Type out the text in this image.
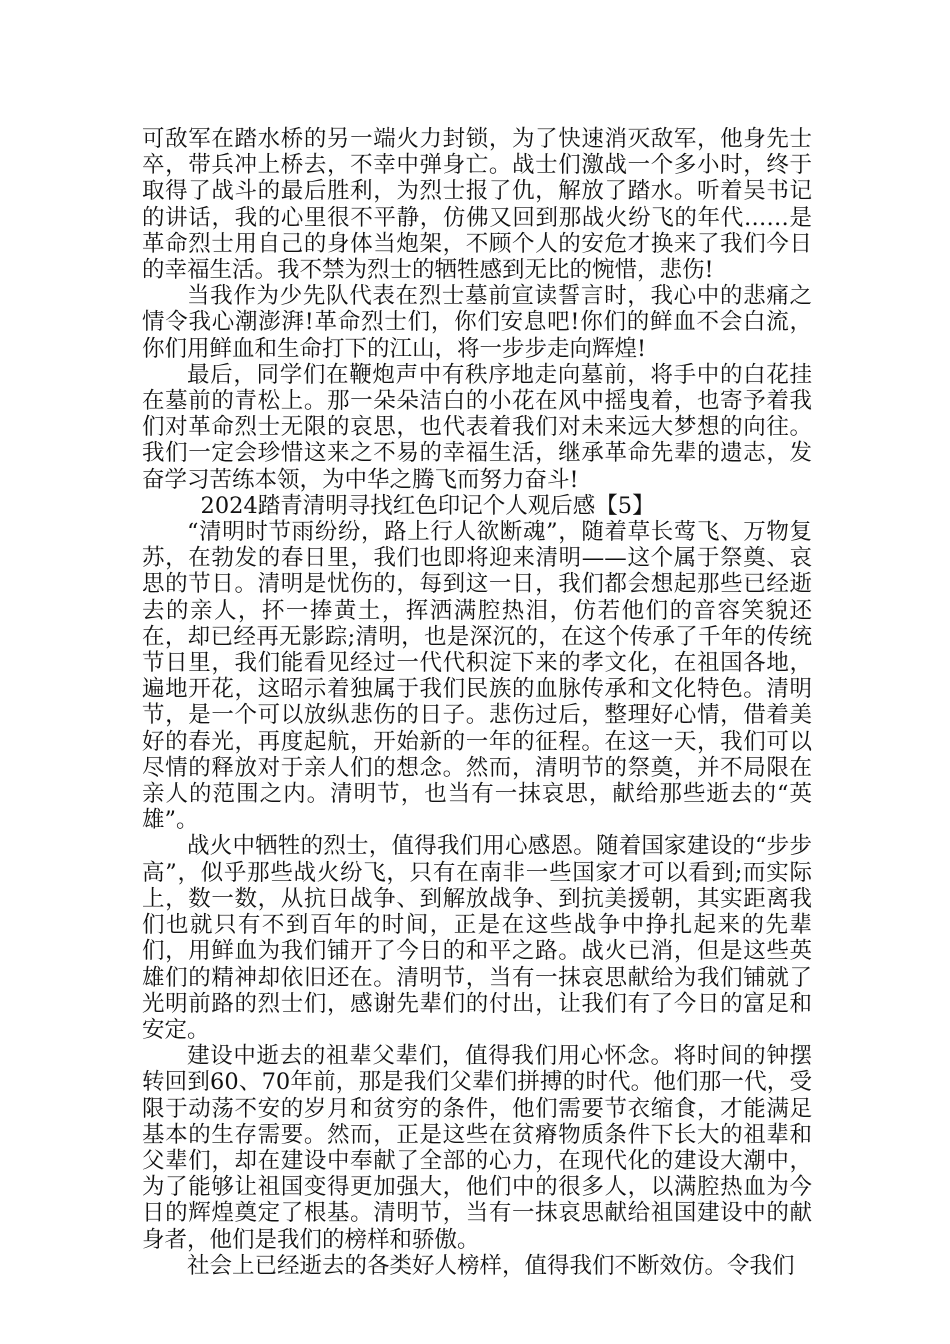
可敌军在踏水桥的另一端火力封锁，为了快速消灭敌军，他身先士卒，带兵冲上桥去，不幸中弹身亡。战士们激战一个多小时，终于取得了战斗的最后胜利，为烈士报了仇，解放了踏水。听着吴书记的讲话，我的心里很不平静，仿佛又回到那战火纷飞的年代……是革命烈士用自己的身体当炮架，不顾个人的安危才换来了我们今日的幸福生活。我不禁为烈士的牺牲感到无比的惋惜，悲伤!

当我作为少先队代表在烈士墓前宣读誓言时，我心中的悲痛之情令我心潮澎湃!革命烈士们，你们安息吧!你们的鲜血不会白流，你们用鲜血和生命打下的江山，将一步步走向辉煌!

最后，同学们在鞭炮声中有秩序地走向墓前，将手中的白花挂在墓前的青松上。那一朵朵洁白的小花在风中摇曳着，也寄予着我们对革命烈士无限的哀思，也代表着我们对未来远大梦想的向往。我们一定会珍惜这来之不易的幸福生活，继承革命先辈的遗志，发奋学习苦练本领，为中华之腾飞而努力奋斗!

2024踏青清明寻找红色印记个人观后感【5】

“清明时节雨纷纷，路上行人欲断魂”，随着草长莺飞、万物复苏，在勃发的春日里，我们也即将迎来清明——这个属于祭奠、哀思的节日。清明是忧伤的，每到这一日，我们都会想起那些已经逝去的亲人，抔一捧黄土，挥洒满腔热泪，仿若他们的音容笑貌还在，却已经再无影踪;清明，也是深沉的，在这个传承了千年的传统节日里，我们能看见经过一代代积淀下来的孝文化，在祖国各地，遍地开花，这昭示着独属于我们民族的血脉传承和文化特色。清明节，是一个可以放纵悲伤的日子。悲伤过后，整理好心情，借着美好的春光，再度起航，开始新的一年的征程。在这一天，我们可以尽情的释放对于亲人们的想念。然而，清明节的祭奠，并不局限在亲人的范围之内。清明节，也当有一抹哀思，献给那些逝去的“英雄”。

战火中牺牲的烈士，值得我们用心感恩。随着国家建设的“步步高”，似乎那些战火纷飞，只有在南非一些国家才可以看到;而实际上，数一数，从抗日战争、到解放战争、到抗美援朝，其实距离我们也就只有不到百年的时间，正是在这些战争中挣扎起来的先辈们，用鲜血为我们铺开了今日的和平之路。战火已消，但是这些英雄们的精神却依旧还在。清明节，当有一抹哀思献给为我们铺就了光明前路的烈士们，感谢先辈们的付出，让我们有了今日的富足和安定。

建设中逝去的祖辈父辈们，值得我们用心怀念。将时间的钟摆转回到60、70年前，那是我们父辈们拼搏的时代。他们那一代，受限于动荡不安的岁月和贫穷的条件，他们需要节衣缩食，才能满足基本的生存需要。然而，正是这些在贫瘠物质条件下长大的祖辈和父辈们，却在建设中奉献了全部的心力，在现代化的建设大潮中，为了能够让祖国变得更加强大，他们中的很多人，以满腔热血为今日的辉煌奠定了根基。清明节，当有一抹哀思献给祖国建设中的献身者，他们是我们的榜样和骄傲。

社会上已经逝去的各类好人榜样，值得我们不断效仿。令我们
